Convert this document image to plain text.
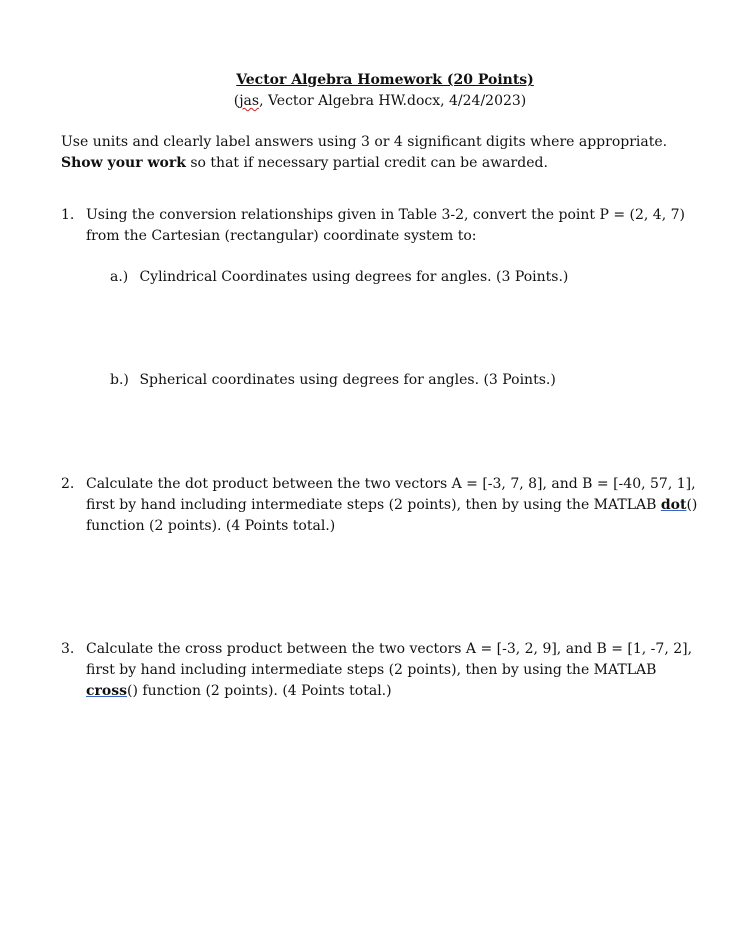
Vector Algebra Homework (20 Points)
(jas, Vector Algebra HW.docx, 4/24/2023)
Use units and clearly label answers using 3 or 4 significant digits where appropriate. Show your work so that if necessary partial credit can be awarded.
1. Using the conversion relationships given in Table 3-2, convert the point P = (2, 4, 7) from the Cartesian (rectangular) coordinate system to:
a.) Cylindrical Coordinates using degrees for angles. (3 Points.)
b.) Spherical coordinates using degrees for angles. (3 Points.)
2. Calculate the dot product between the two vectors A = [-3, 7, 8], and B = [-40, 57, 1], first by hand including intermediate steps (2 points), then by using the MATLAB dot() function (2 points). (4 Points total.)
3. Calculate the cross product between the two vectors A = [-3, 2, 9], and B = [1, -7, 2], first by hand including intermediate steps (2 points), then by using the MATLAB cross() function (2 points). (4 Points total.)
